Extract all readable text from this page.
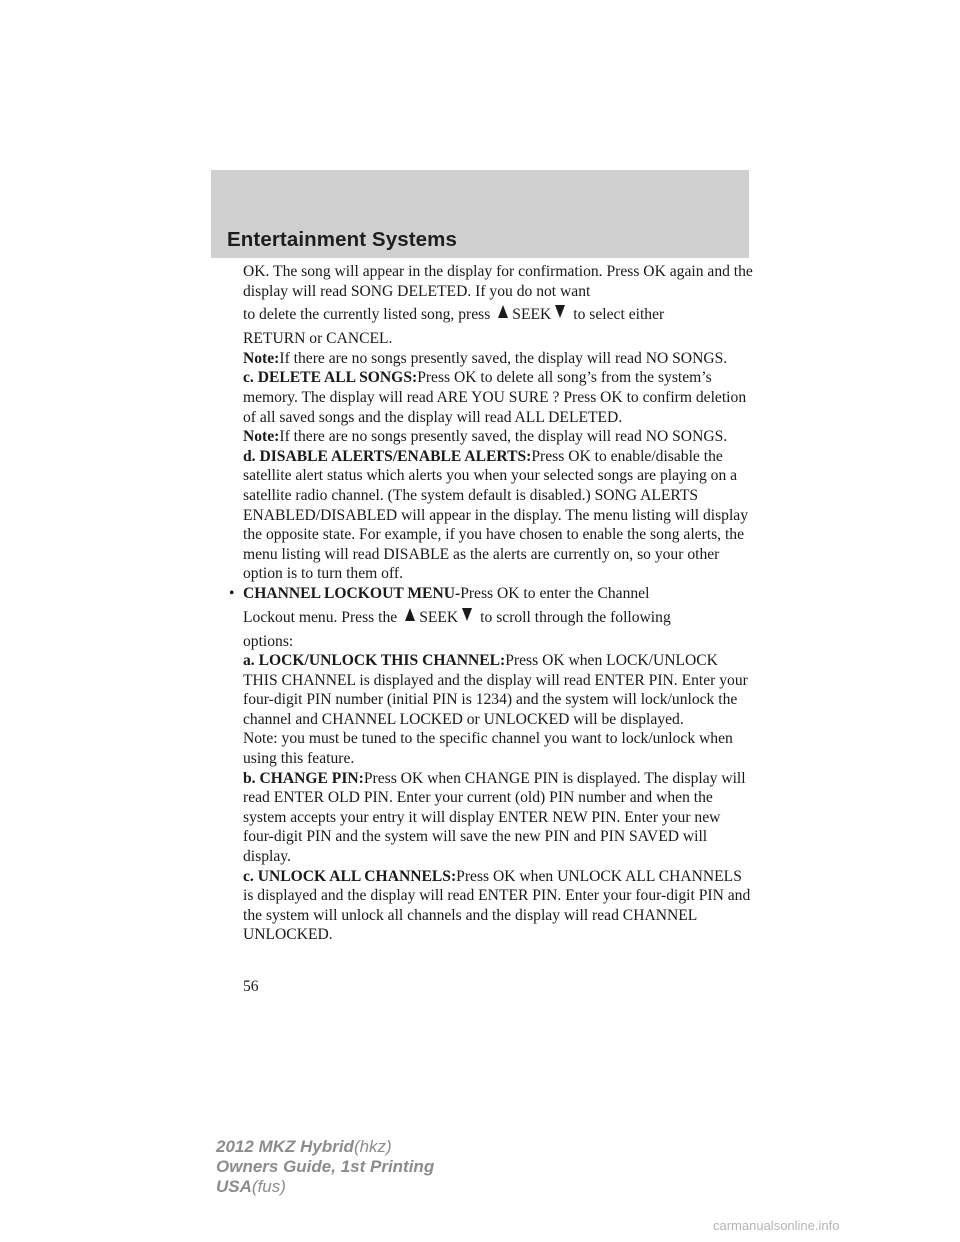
Entertainment Systems

OK. The song will appear in the display for confirmation. Press OK again and the display will read SONG DELETED. If you do not want
to delete the currently listed song, press SEEK to select either
RETURN or CANCEL.

Note:If there are no songs presently saved, the display will read NO SONGS.

c. DELETE ALL SONGS:Press OK to delete all song’s from the system’s memory. The display will read ARE YOU SURE ? Press OK to confirm deletion of all saved songs and the display will read ALL DELETED.

Note:If there are no songs presently saved, the display will read NO SONGS.

d. DISABLE ALERTS/ENABLE ALERTS:Press OK to enable/disable the satellite alert status which alerts you when your selected songs are playing on a satellite radio channel. (The system default is disabled.) SONG ALERTS ENABLED/DISABLED will appear in the display. The menu listing will display the opposite state. For example, if you have chosen to enable the song alerts, the menu listing will read DISABLE as the alerts are currently on, so your other option is to turn them off.

• CHANNEL LOCKOUT MENU-Press OK to enter the Channel
Lockout menu. Press the SEEK to scroll through the following
options:

a. LOCK/UNLOCK THIS CHANNEL:Press OK when LOCK/UNLOCK THIS CHANNEL is displayed and the display will read ENTER PIN. Enter your four-digit PIN number (initial PIN is 1234) and the system will lock/unlock the channel and CHANNEL LOCKED or UNLOCKED will be displayed.

Note: you must be tuned to the specific channel you want to lock/unlock when using this feature.

b. CHANGE PIN:Press OK when CHANGE PIN is displayed. The display will read ENTER OLD PIN. Enter your current (old) PIN number and when the system accepts your entry it will display ENTER NEW PIN. Enter your new four-digit PIN and the system will save the new PIN and PIN SAVED will display.

c. UNLOCK ALL CHANNELS:Press OK when UNLOCK ALL CHANNELS is displayed and the display will read ENTER PIN. Enter your four-digit PIN and the system will unlock all channels and the display will read CHANNEL UNLOCKED.

56
2012 MKZ Hybrid(hkz)
Owners Guide, 1st Printing
USA(fus)
carmanualsonline.info
